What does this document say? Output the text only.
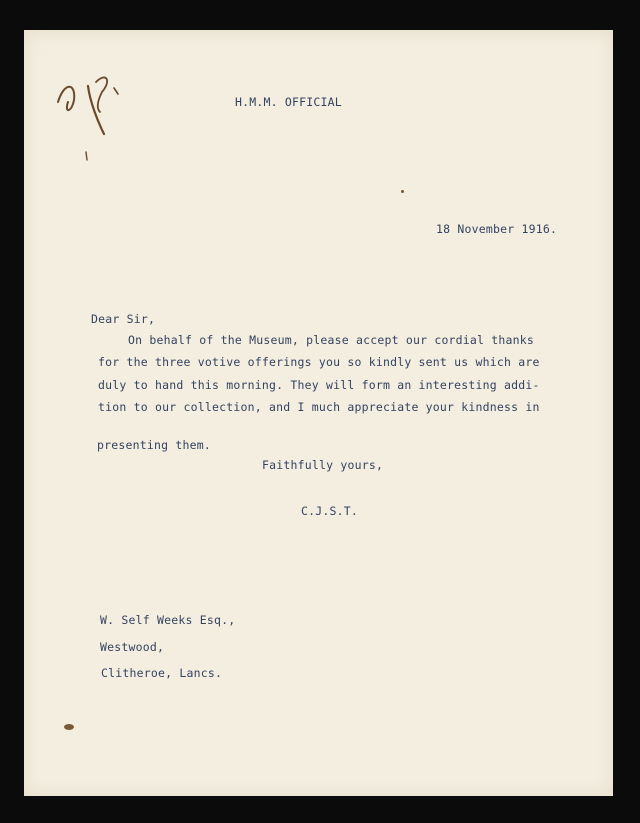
H.M.M. OFFICIAL
18 November 1916.
Dear Sir,
On behalf of the Museum, please accept our cordial thanks
for the three votive offerings you so kindly sent us which are
duly to hand this morning. They will form an interesting addi-
tion to our collection, and I much appreciate your kindness in
presenting them.
Faithfully yours,
C.J.S.T.
W. Self Weeks Esq.,
Westwood,
Clitheroe, Lancs.
